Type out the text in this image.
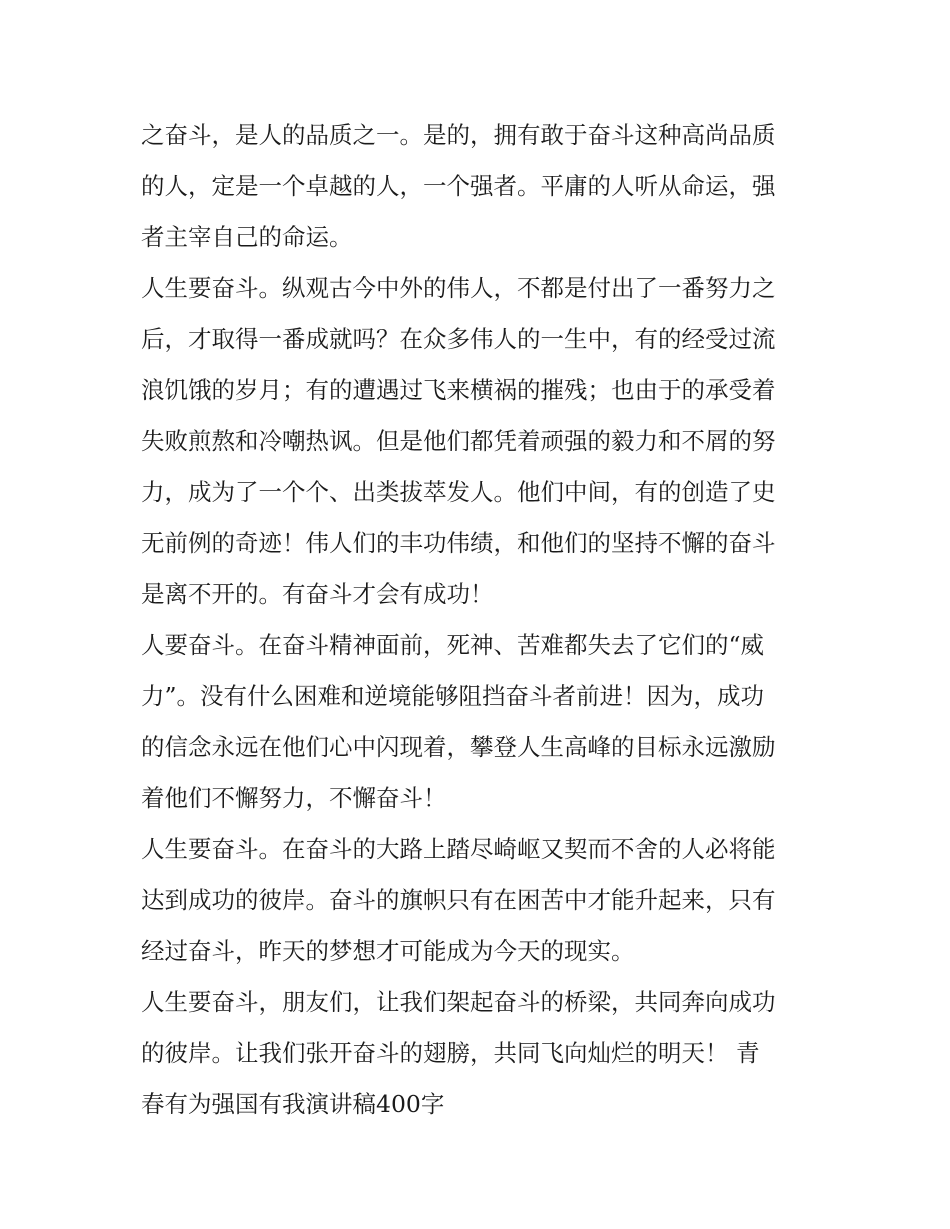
之奋斗，是人的品质之一。是的，拥有敢于奋斗这种高尚品质
的人，定是一个卓越的人，一个强者。平庸的人听从命运，强
者主宰自己的命运。
人生要奋斗。纵观古今中外的伟人，不都是付出了一番努力之
后，才取得一番成就吗？在众多伟人的一生中，有的经受过流
浪饥饿的岁月；有的遭遇过飞来横祸的摧残；也由于的承受着
失败煎熬和冷嘲热讽。但是他们都凭着顽强的毅力和不屑的努
力，成为了一个个、出类拔萃发人。他们中间，有的创造了史
无前例的奇迹！伟人们的丰功伟绩，和他们的坚持不懈的奋斗
是离不开的。有奋斗才会有成功！
人要奋斗。在奋斗精神面前，死神、苦难都失去了它们的“威
力”。没有什么困难和逆境能够阻挡奋斗者前进！因为，成功
的信念永远在他们心中闪现着，攀登人生高峰的目标永远激励
着他们不懈努力，不懈奋斗！
人生要奋斗。在奋斗的大路上踏尽崎岖又契而不舍的人必将能
达到成功的彼岸。奋斗的旗帜只有在困苦中才能升起来，只有
经过奋斗，昨天的梦想才可能成为今天的现实。
人生要奋斗，朋友们，让我们架起奋斗的桥梁，共同奔向成功
的彼岸。让我们张开奋斗的翅膀，共同飞向灿烂的明天！ 青
春有为强国有我演讲稿400字
